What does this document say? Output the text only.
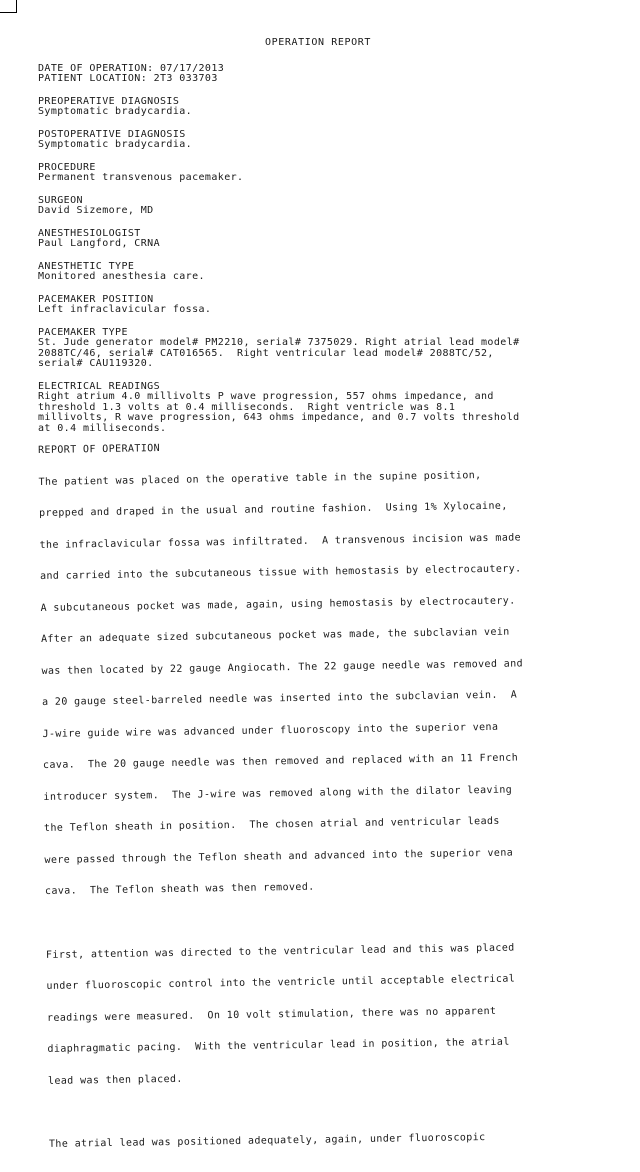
OPERATION REPORT
DATE OF OPERATION: 07/17/2013
PATIENT LOCATION: 2T3 033703
PREOPERATIVE DIAGNOSIS
Symptomatic bradycardia.
POSTOPERATIVE DIAGNOSIS
Symptomatic bradycardia.
PROCEDURE
Permanent transvenous pacemaker.
SURGEON
David Sizemore, MD
ANESTHESIOLOGIST
Paul Langford, CRNA
ANESTHETIC TYPE
Monitored anesthesia care.
PACEMAKER POSITION
Left infraclavicular fossa.
PACEMAKER TYPE
St. Jude generator model# PM2210, serial# 7375029. Right atrial lead model#
2088TC/46, serial# CAT016565.  Right ventricular lead model# 2088TC/52,
serial# CAU119320.
ELECTRICAL READINGS
Right atrium 4.0 millivolts P wave progression, 557 ohms impedance, and
threshold 1.3 volts at 0.4 milliseconds.  Right ventricle was 8.1
millivolts, R wave progression, 643 ohms impedance, and 0.7 volts threshold
at 0.4 milliseconds.
REPORT OF OPERATION

The patient was placed on the operative table in the supine position,

prepped and draped in the usual and routine fashion.  Using 1% Xylocaine,

the infraclavicular fossa was infiltrated.  A transvenous incision was made

and carried into the subcutaneous tissue with hemostasis by electrocautery.

A subcutaneous pocket was made, again, using hemostasis by electrocautery.

After an adequate sized subcutaneous pocket was made, the subclavian vein

was then located by 22 gauge Angiocath. The 22 gauge needle was removed and

a 20 gauge steel-barreled needle was inserted into the subclavian vein.  A

J-wire guide wire was advanced under fluoroscopy into the superior vena

cava.  The 20 gauge needle was then removed and replaced with an 11 French

introducer system.  The J-wire was removed along with the dilator leaving

the Teflon sheath in position.  The chosen atrial and ventricular leads

were passed through the Teflon sheath and advanced into the superior vena

cava.  The Teflon sheath was then removed.

First, attention was directed to the ventricular lead and this was placed

under fluoroscopic control into the ventricle until acceptable electrical

readings were measured.  On 10 volt stimulation, there was no apparent

diaphragmatic pacing.  With the ventricular lead in position, the atrial

lead was then placed.

The atrial lead was positioned adequately, again, under fluoroscopic
